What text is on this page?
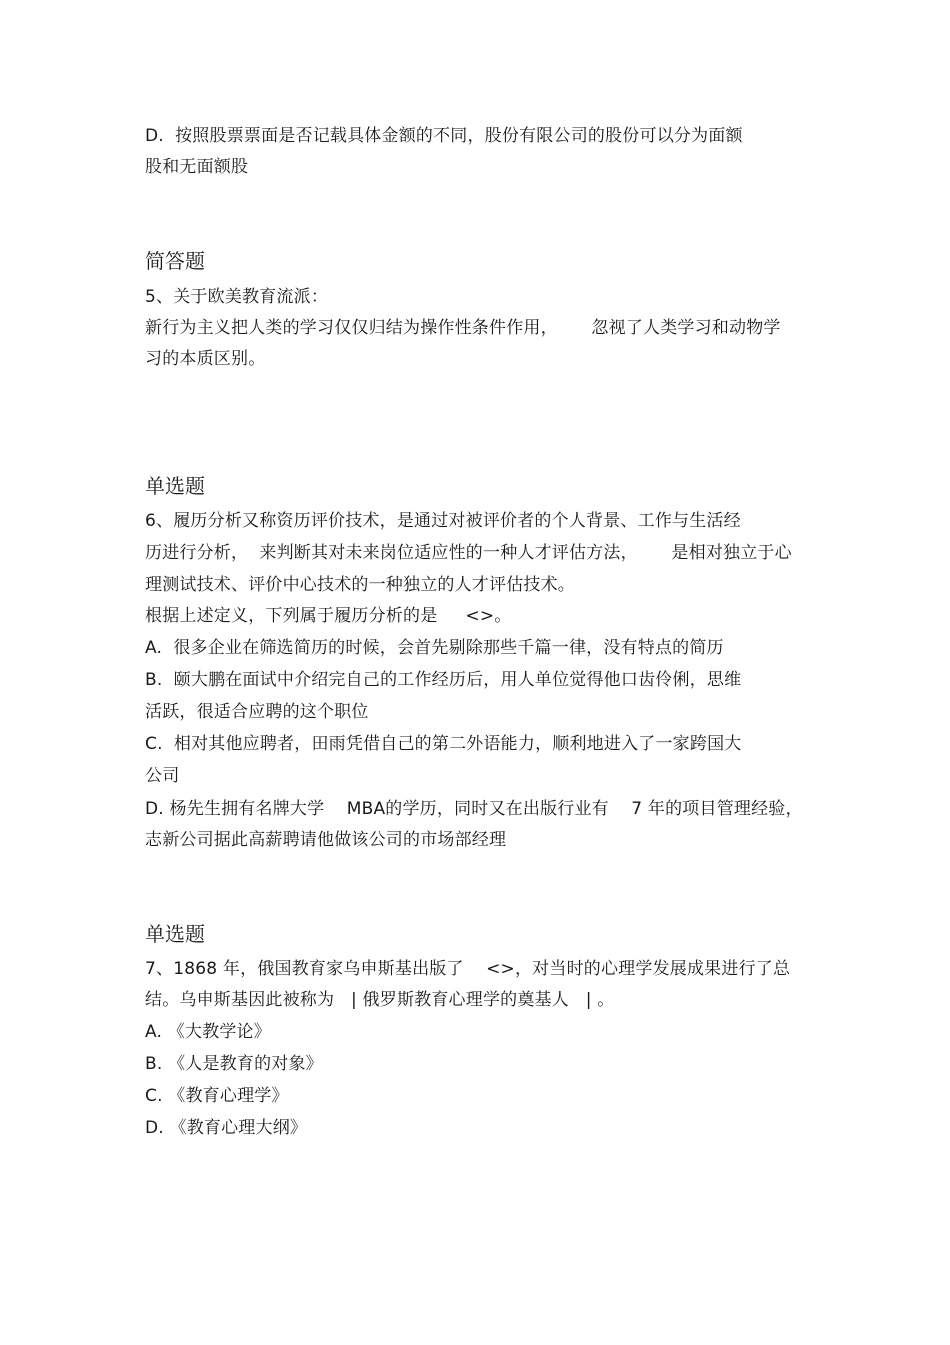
D.  按照股票票面是否记载具体金额的不同，股份有限公司的股份可以分为面额
股和无面额股
简答题
5、关于欧美教育流派：
新行为主义把人类的学习仅仅归结为操作性条件作用，      忽视了人类学习和动物学
习的本质区别。
单选题
6、履历分析又称资历评价技术，是通过对被评价者的个人背景、工作与生活经
历进行分析，  来判断其对未来岗位适应性的一种人才评估方法，      是相对独立于心
理测试技术、评价中心技术的一种独立的人才评估技术。
根据上述定义，下列属于履历分析的是     <>。
A.  很多企业在筛选简历的时候，会首先剔除那些千篇一律，没有特点的简历
B.  颐大鹏在面试中介绍完自己的工作经历后，用人单位觉得他口齿伶俐，思维
活跃，很适合应聘的这个职位
C.  相对其他应聘者，田雨凭借自己的第二外语能力，顺利地进入了一家跨国大
公司
D. 杨先生拥有名牌大学    MBA的学历，同时又在出版行业有    7 年的项目管理经验，
志新公司据此高薪聘请他做该公司的市场部经理
单选题
7、1868 年，俄国教育家乌申斯基出版了    <>，对当时的心理学发展成果进行了总
结。乌申斯基因此被称为   | 俄罗斯教育心理学的奠基人   | 。
A. 《大教学论》
B. 《人是教育的对象》
C. 《教育心理学》
D. 《教育心理大纲》
